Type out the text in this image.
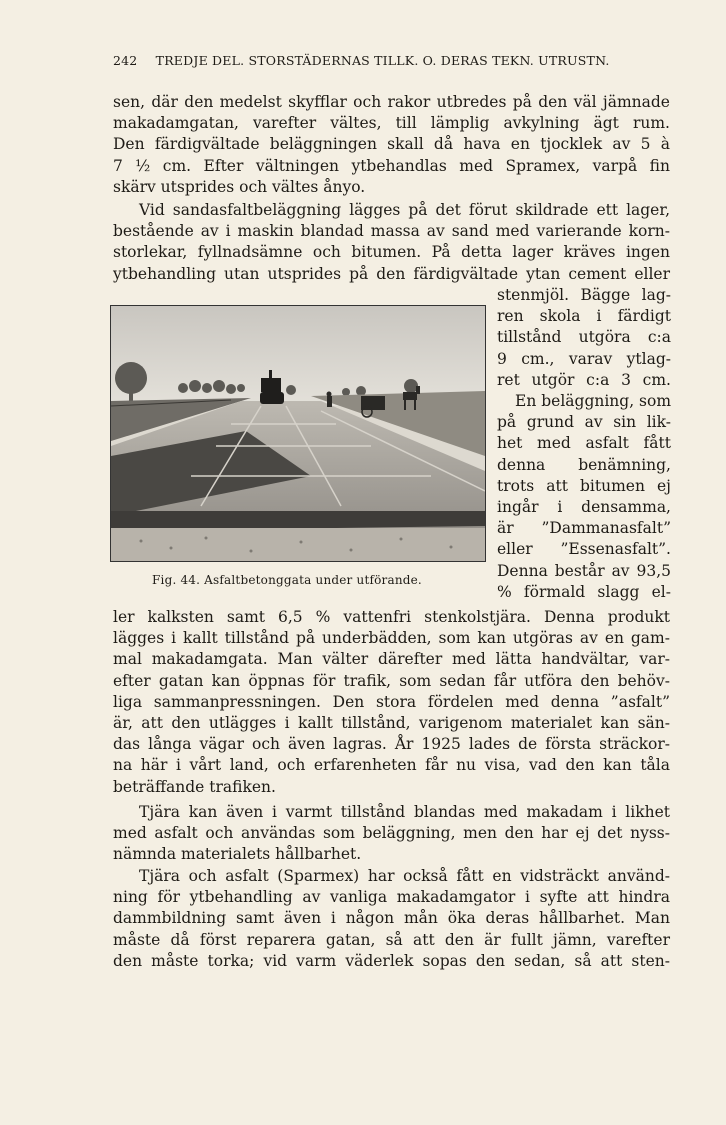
242 TREDJE DEL. STORSTÄDERNAS TILLK. O. DERAS TEKN. UTRUSTN.
sen, där den medelst skyfflar och rakor utbredes på den väl jämnade
makadamgatan, varefter vältes, till lämplig avkylning ägt rum.
Den färdigvältade beläggningen skall då hava en tjocklek av 5 à
7 ½ cm. Efter vältningen ytbehandlas med Spramex, varpå fin
skärv utsprides och vältes ånyo.
Vid sandasfaltbeläggning lägges på det förut skildrade ett lager,
bestående av i maskin blandad massa av sand med varierande korn-
storlekar, fyllnadsämne och bitumen. På detta lager kräves ingen
ytbehandling utan utsprides på den färdigvältade ytan cement eller
Fig. 44. Asfaltbetonggata under utförande.
stenmjöl. Bägge lag-
ren skola i färdigt
tillstånd utgöra c:a
9 cm., varav ytlag-
ret utgör c:a 3 cm.
En beläggning, som
på grund av sin lik-
het med asfalt fått
denna benämning,
trots att bitumen ej
ingår i densamma,
är ”Dammanasfalt”
eller ”Essenasfalt”.
Denna består av 93,5
% förmald slagg el-
ler kalksten samt 6,5 % vattenfri stenkolstjära. Denna produkt
lägges i kallt tillstånd på underbädden, som kan utgöras av en gam-
mal makadamgata. Man välter därefter med lätta handvältar, var-
efter gatan kan öppnas för trafik, som sedan får utföra den behöv-
liga sammanpressningen. Den stora fördelen med denna ”asfalt”
är, att den utlägges i kallt tillstånd, varigenom materialet kan sän-
das långa vägar och även lagras. År 1925 lades de första sträckor-
na här i vårt land, och erfarenheten får nu visa, vad den kan tåla
beträffande trafiken.
Tjära kan även i varmt tillstånd blandas med makadam i likhet
med asfalt och användas som beläggning, men den har ej det nyss-
nämnda materialets hållbarhet.
Tjära och asfalt (Sparmex) har också fått en vidsträckt använd-
ning för ytbehandling av vanliga makadamgator i syfte att hindra
dammbildning samt även i någon mån öka deras hållbarhet. Man
måste då först reparera gatan, så att den är fullt jämn, varefter
den måste torka; vid varm väderlek sopas den sedan, så att sten-
